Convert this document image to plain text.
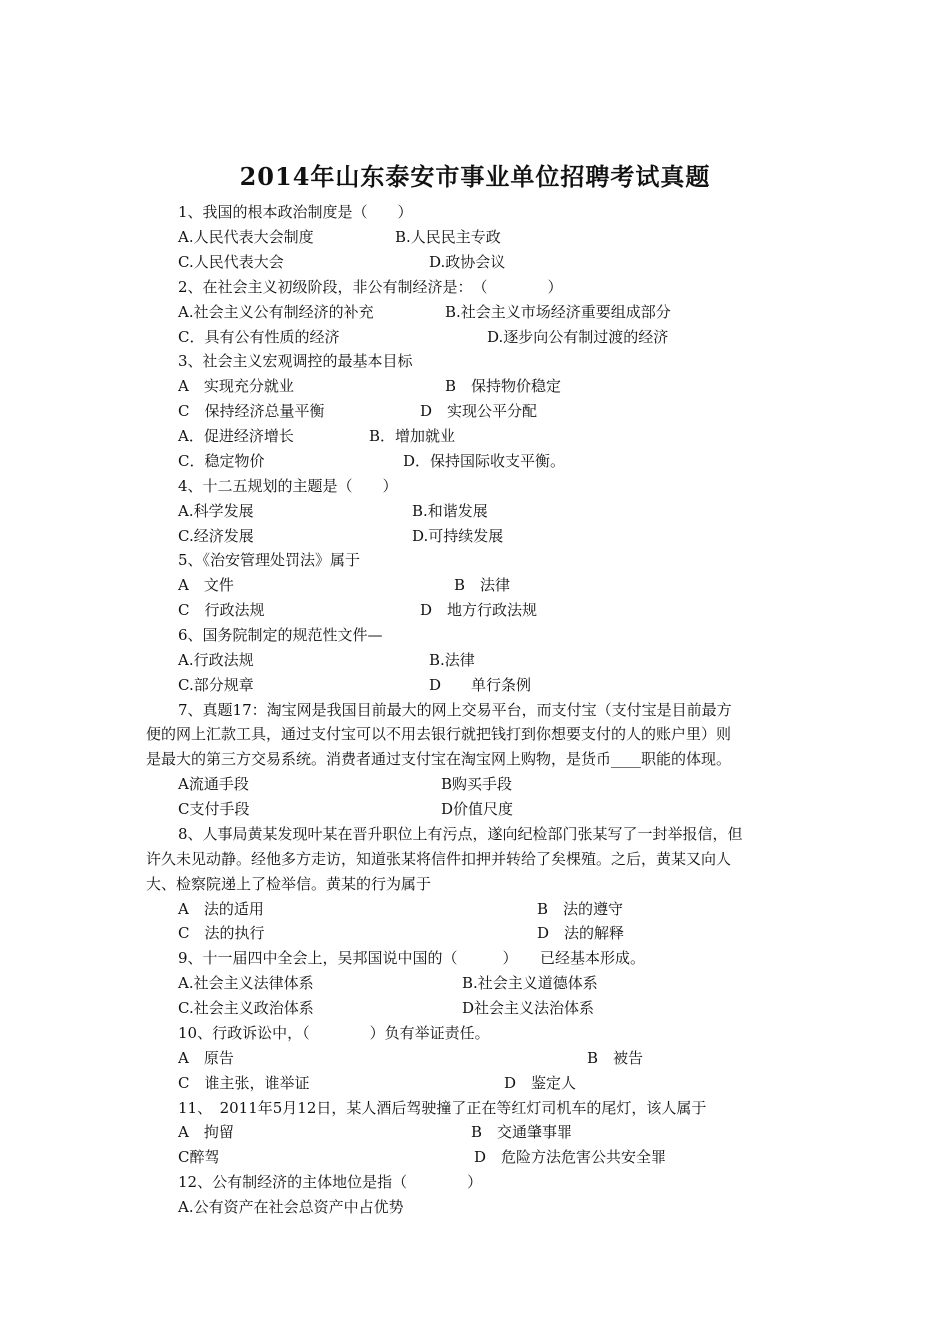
2014年山东泰安市事业单位招聘考试真题
1、我国的根本政治制度是（　　）
A.人民代表大会制度	B.人民民主专政
C.人民代表大会	D.政协会议
2、在社会主义初级阶段，非公有制经济是：　（　　　　）
A.社会主义公有制经济的补充	B.社会主义市场经济重要组成部分
C．具有公有性质的经济	D.逐步向公有制过渡的经济
3、社会主义宏观调控的最基本目标
A　实现充分就业	B　保持物价稳定
C　保持经济总量平衡	D　实现公平分配
A．促进经济增长	B．增加就业
C．稳定物价	D．保持国际收支平衡。
4、十二五规划的主题是（　　）
A.科学发展	B.和谐发展
C.经济发展	D.可持续发展
5、《治安管理处罚法》属于
A　文件	B　法律
C　行政法规	D　地方行政法规
6、国务院制定的规范性文件—
A.行政法规	B.法律
C.部分规章	D　　单行条例
7、真题17：淘宝网是我国目前最大的网上交易平台，而支付宝（支付宝是目前最方
便的网上汇款工具，通过支付宝可以不用去银行就把钱打到你想要支付的人的账户里）则
是最大的第三方交易系统。消费者通过支付宝在淘宝网上购物，是货币____职能的体现。
A流通手段	B购买手段
C支付手段	D价值尺度
8、人事局黄某发现叶某在晋升职位上有污点，遂向纪检部门张某写了一封举报信，但
许久未见动静。经他多方走访，知道张某将信件扣押并转给了矣棵殖。之后，黄某又向人
大、检察院递上了检举信。黄某的行为属于
A　法的适用	B　法的遵守
C　法的执行	D　法的解释
9、十一届四中全会上，吴邦国说中国的（　　　）　　已经基本形成。
A.社会主义法律体系	B.社会主义道德体系
C.社会主义政治体系	D社会主义法治体系
10、行政诉讼中，（　　　　）负有举证责任。
A　原告	B　被告
C　谁主张，谁举证	D　鉴定人
11、　2011年5月12日，某人酒后驾驶撞了正在等红灯司机车的尾灯，该人属于
A　拘留	B　交通肇事罪
C醉驾	D　危险方法危害公共安全罪
12、公有制经济的主体地位是指（　　　　）
A.公有资产在社会总资产中占优势
